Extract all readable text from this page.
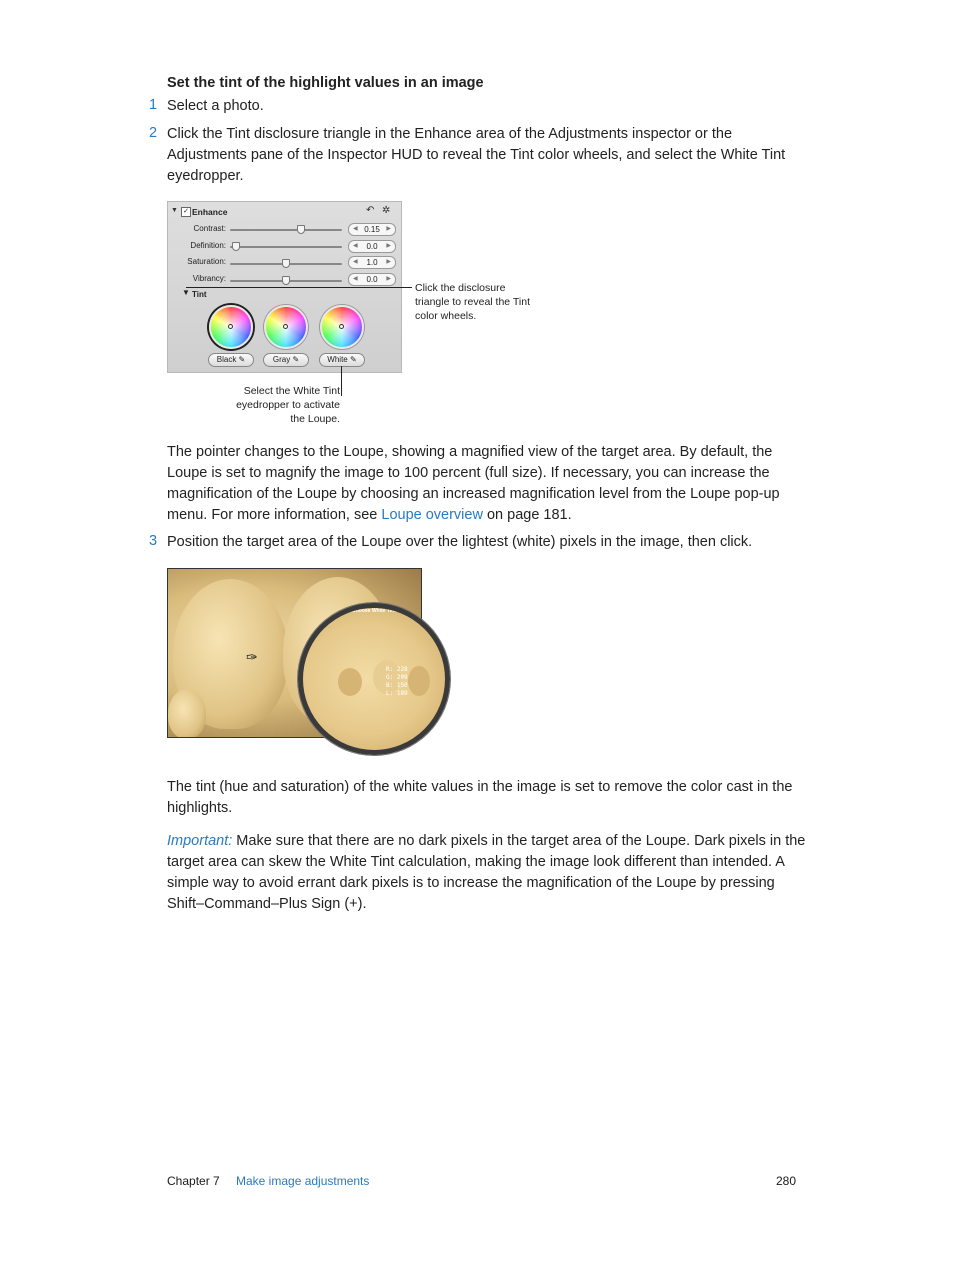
Set the tint of the highlight values in an image
1 Select a photo.
2 Click the Tint disclosure triangle in the Enhance area of the Adjustments inspector or the Adjustments pane of the Inspector HUD to reveal the Tint color wheels, and select the White Tint eyedropper.
▼ ✓ Enhance	↶ ✲
Contrast:	◀ 0.15 ▶
Definition:	◀ 0.0 ▶
Saturation:	◀ 1.0 ▶
Vibrancy:	◀ 0.0 ▶
▼ Tint
Black ✎	Gray ✎	White ✎
Click the disclosure triangle to reveal the Tint color wheels.
Select the White Tint eyedropper to activate the Loupe.
The pointer changes to the Loupe, showing a magnified view of the target area. By default, the Loupe is set to magnify the image to 100 percent (full size). If necessary, you can increase the magnification of the Loupe by choosing an increased magnification level from the Loupe pop-up menu. For more information, see Loupe overview on page 181.
3 Position the target area of the Loupe over the lightest (white) pixels in the image, then click.
✑
Choose White Tint
R: 228
G: 209
B: 150
L: 189
100 ◢
The tint (hue and saturation) of the white values in the image is set to remove the color cast in the highlights.
Important: Make sure that there are no dark pixels in the target area of the Loupe. Dark pixels in the target area can skew the White Tint calculation, making the image look different than intended. A simple way to avoid errant dark pixels is to increase the magnification of the Loupe by pressing Shift–Command–Plus Sign (+).
Chapter 7 Make image adjustments	280
